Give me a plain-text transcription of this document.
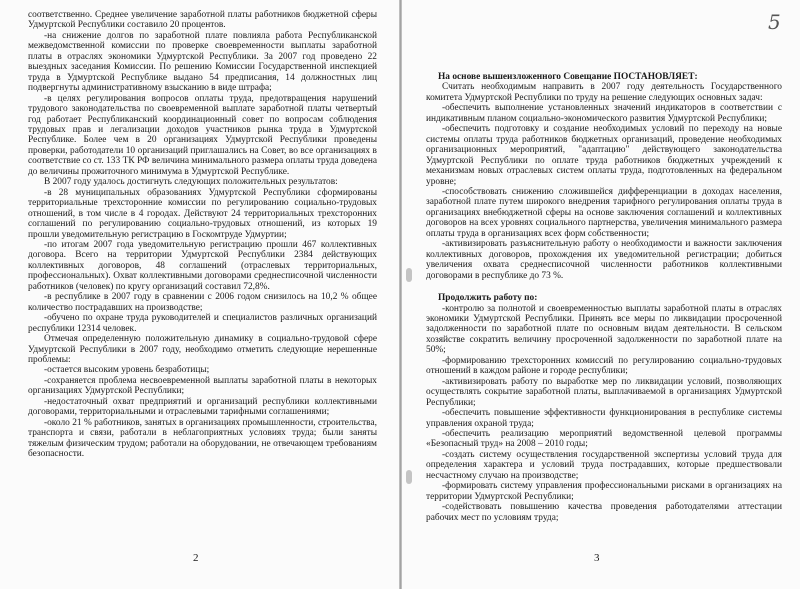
соответственно. Среднее увеличение заработной платы работников бюджетной сферы Удмуртской Республики составило 20 процентов.

-на снижение долгов по заработной плате повлияла работа Республиканской межведомственной комиссии по проверке своевременности выплаты заработной платы в отраслях экономики Удмуртской Республики. За 2007 год проведено 22 выездных заседания Комиссии. По решению Комиссии Государственной инспекцией труда в Удмуртской Республике выдано 54 предписания, 14 должностных лиц подвергнуты административному взысканию в виде штрафа;

-в целях регулирования вопросов оплаты труда, предотвращения нарушений трудового законодательства по своевременной выплате заработной платы четвертый год работает Республиканский координационный совет по вопросам соблюдения трудовых прав и легализации доходов участников рынка труда в Удмуртской Республике. Более чем в 20 организациях Удмуртской Республики проведены проверки, работодатели 10 организаций приглашались на Совет, во все организациях в соответствие со ст. 133 ТК РФ величина минимального размера оплаты труда доведена до величины прожиточного минимума в Удмуртской Республике.

В 2007 году удалось достигнуть следующих положительных результатов:

-в 28 муниципальных образованиях Удмуртской Республики сформированы территориальные трехсторонние комиссии по регулированию социально-трудовых отношений, в том числе в 4 городах. Действуют 24 территориальных трехсторонних соглашений по регулированию социально-трудовых отношений, из которых 19 прошли уведомительную регистрацию в Госкомтруде Удмуртии;

-по итогам 2007 года уведомительную регистрацию прошли 467 коллективных договора. Всего на территории Удмуртской Республики 2384 действующих коллективных договоров, 48 соглашений (отраслевых территориальных, профессиональных). Охват коллективными договорами среднесписочной численности работников (человек) по кругу организаций составил 72,8%.

-в республике в 2007 году в сравнении с 2006 годом снизилось на 10,2 % общее количество пострадавших на производстве;

-обучено по охране труда руководителей и специалистов различных организаций республики 12314 человек.

Отмечая определенную положительную динамику в социально-трудовой сфере Удмуртской Республики в 2007 году, необходимо отметить следующие нерешенные проблемы:

-остается высоким уровень безработицы;

-сохраняется проблема несвоевременной выплаты заработной платы в некоторых организациях Удмуртской Республики;

-недостаточный охват предприятий и организаций республики коллективными договорами, территориальными и отраслевыми тарифными соглашениями;

-около 21 % работников, занятых в организациях промышленности, строительства, транспорта и связи, работали в неблагоприятных условиях труда; были заняты тяжелым физическим трудом; работали на оборудовании, не отвечающем требованиям безопасности.

2
5

На основе вышеизложенного Совещание ПОСТАНОВЛЯЕТ:

Считать необходимым направить в 2007 году деятельность Государственного комитета Удмуртской Республики по труду на решение следующих основных задач:

-обеспечить выполнение установленных значений индикаторов в соответствии с индикативным планом социально-экономического развития Удмуртской Республики;

-обеспечить подготовку и создание необходимых условий по переходу на новые системы оплаты труда работников бюджетных организаций, проведение необходимых организационных мероприятий, "адаптацию" действующего законодательства Удмуртской Республики по оплате труда работников бюджетных учреждений к механизмам новых отраслевых систем оплаты труда, подготовленных на федеральном уровне;

-способствовать снижению сложившейся дифференциации в доходах населения, заработной плате путем широкого внедрения тарифного регулирования оплаты труда в организациях внебюджетной сферы на основе заключения соглашений и коллективных договоров на всех уровнях социального партнерства, увеличения минимального размера оплаты труда в организациях всех форм собственности;

-активизировать разъяснительную работу о необходимости и важности заключения коллективных договоров, прохождения их уведомительной регистрации; добиться увеличения охвата среднесписочной численности работников коллективными договорами в республике до 73 %.

Продолжить работу по:

-контролю за полнотой и своевременностью выплаты заработной платы в отраслях экономики Удмуртской Республики. Принять все меры по ликвидации просроченной задолженности по заработной плате по основным видам деятельности. В сельском хозяйстве сократить величину просроченной задолженности по заработной плате на 50%;

-формированию трехсторонних комиссий по регулированию социально-трудовых отношений в каждом районе и городе республики;

-активизировать работу по выработке мер по ликвидации условий, позволяющих осуществлять сокрытие заработной платы, выплачиваемой в организациях Удмуртской Республики;

-обеспечить повышение эффективности функционирования в республике системы управления охраной труда;

-обеспечить реализацию мероприятий ведомственной целевой программы «Безопасный труд» на 2008 – 2010 годы;

-создать систему осуществления государственной экспертизы условий труда для определения характера и условий труда пострадавших, которые предшествовали несчастному случаю на производстве;

-формировать систему управления профессиональными рисками в организациях на территории Удмуртской Республики;

-содействовать повышению качества проведения работодателями аттестации рабочих мест по условиям труда;

3
